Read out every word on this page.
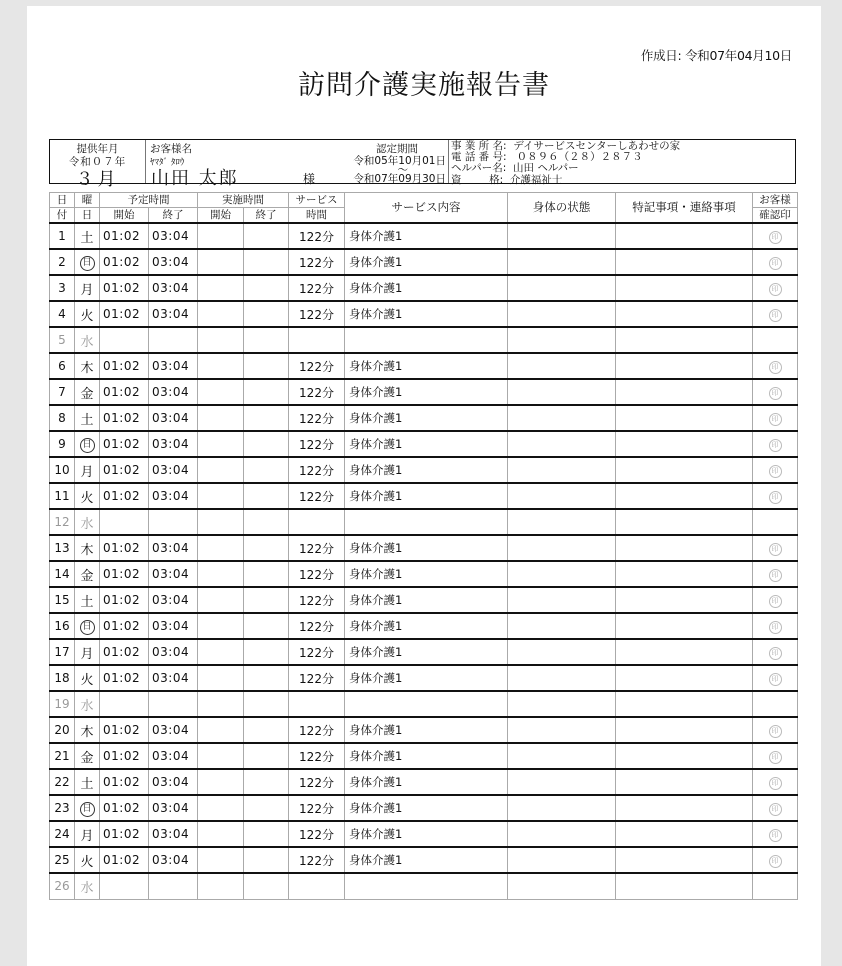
作成日: 令和07年04月10日
訪問介護実施報告書
提供年月
令和０７年
３月
お客様名
ﾔﾏﾀﾞ ﾀﾛｳ
山田 太郎	様
認定期間
令和05年10月01日
～
令和07年09月30日
事 業 所 名:  デイサービスセンターしあわせの家
電 話 番 号:   ０８９６（２８）２８７３
ヘルパー名:  山田 ヘルパー
資　　  格:  介護福祉士
日	曜	予定時間		実施時間		サービス	サービス内容	身体の状態	特記事項・連絡事項	お客様
付	日	開始	終了	開始	終了	時間				確認印
1	土	01:02	03:04			122分	身体介護1			印
2	日	01:02	03:04			122分	身体介護1			印
3	月	01:02	03:04			122分	身体介護1			印
4	火	01:02	03:04			122分	身体介護1			印
5	水									
6	木	01:02	03:04			122分	身体介護1			印
7	金	01:02	03:04			122分	身体介護1			印
8	土	01:02	03:04			122分	身体介護1			印
9	日	01:02	03:04			122分	身体介護1			印
10	月	01:02	03:04			122分	身体介護1			印
11	火	01:02	03:04			122分	身体介護1			印
12	水									
13	木	01:02	03:04			122分	身体介護1			印
14	金	01:02	03:04			122分	身体介護1			印
15	土	01:02	03:04			122分	身体介護1			印
16	日	01:02	03:04			122分	身体介護1			印
17	月	01:02	03:04			122分	身体介護1			印
18	火	01:02	03:04			122分	身体介護1			印
19	水									
20	木	01:02	03:04			122分	身体介護1			印
21	金	01:02	03:04			122分	身体介護1			印
22	土	01:02	03:04			122分	身体介護1			印
23	日	01:02	03:04			122分	身体介護1			印
24	月	01:02	03:04			122分	身体介護1			印
25	火	01:02	03:04			122分	身体介護1			印
26	水									
